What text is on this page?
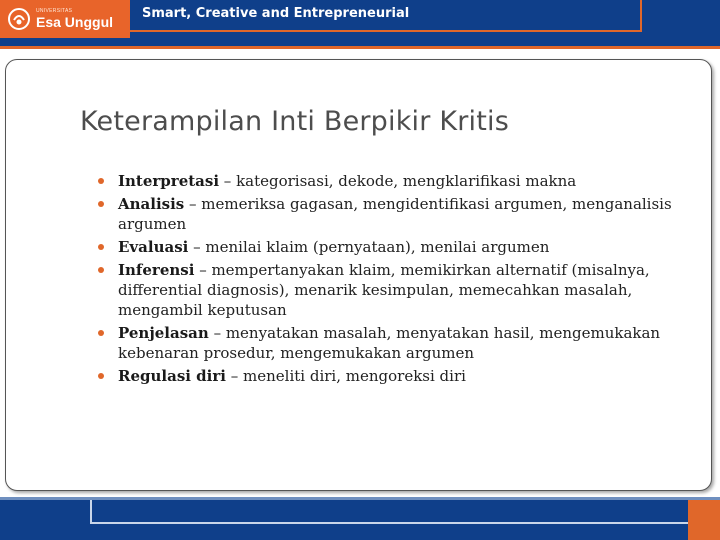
UNIVERSITAS
Esa Unggul
Smart, Creative and Entrepreneurial
Keterampilan Inti Berpikir Kritis
Interpretasi – kategorisasi, dekode, mengklarifikasi makna
Analisis – memeriksa gagasan, mengidentifikasi argumen, menganalisis argumen
Evaluasi – menilai klaim (pernyataan), menilai argumen
Inferensi – mempertanyakan klaim, memikirkan alternatif (misalnya, differential diagnosis), menarik kesimpulan, memecahkan masalah, mengambil keputusan
Penjelasan – menyatakan masalah, menyatakan hasil, mengemukakan kebenaran prosedur, mengemukakan argumen
Regulasi diri – meneliti diri, mengoreksi diri
